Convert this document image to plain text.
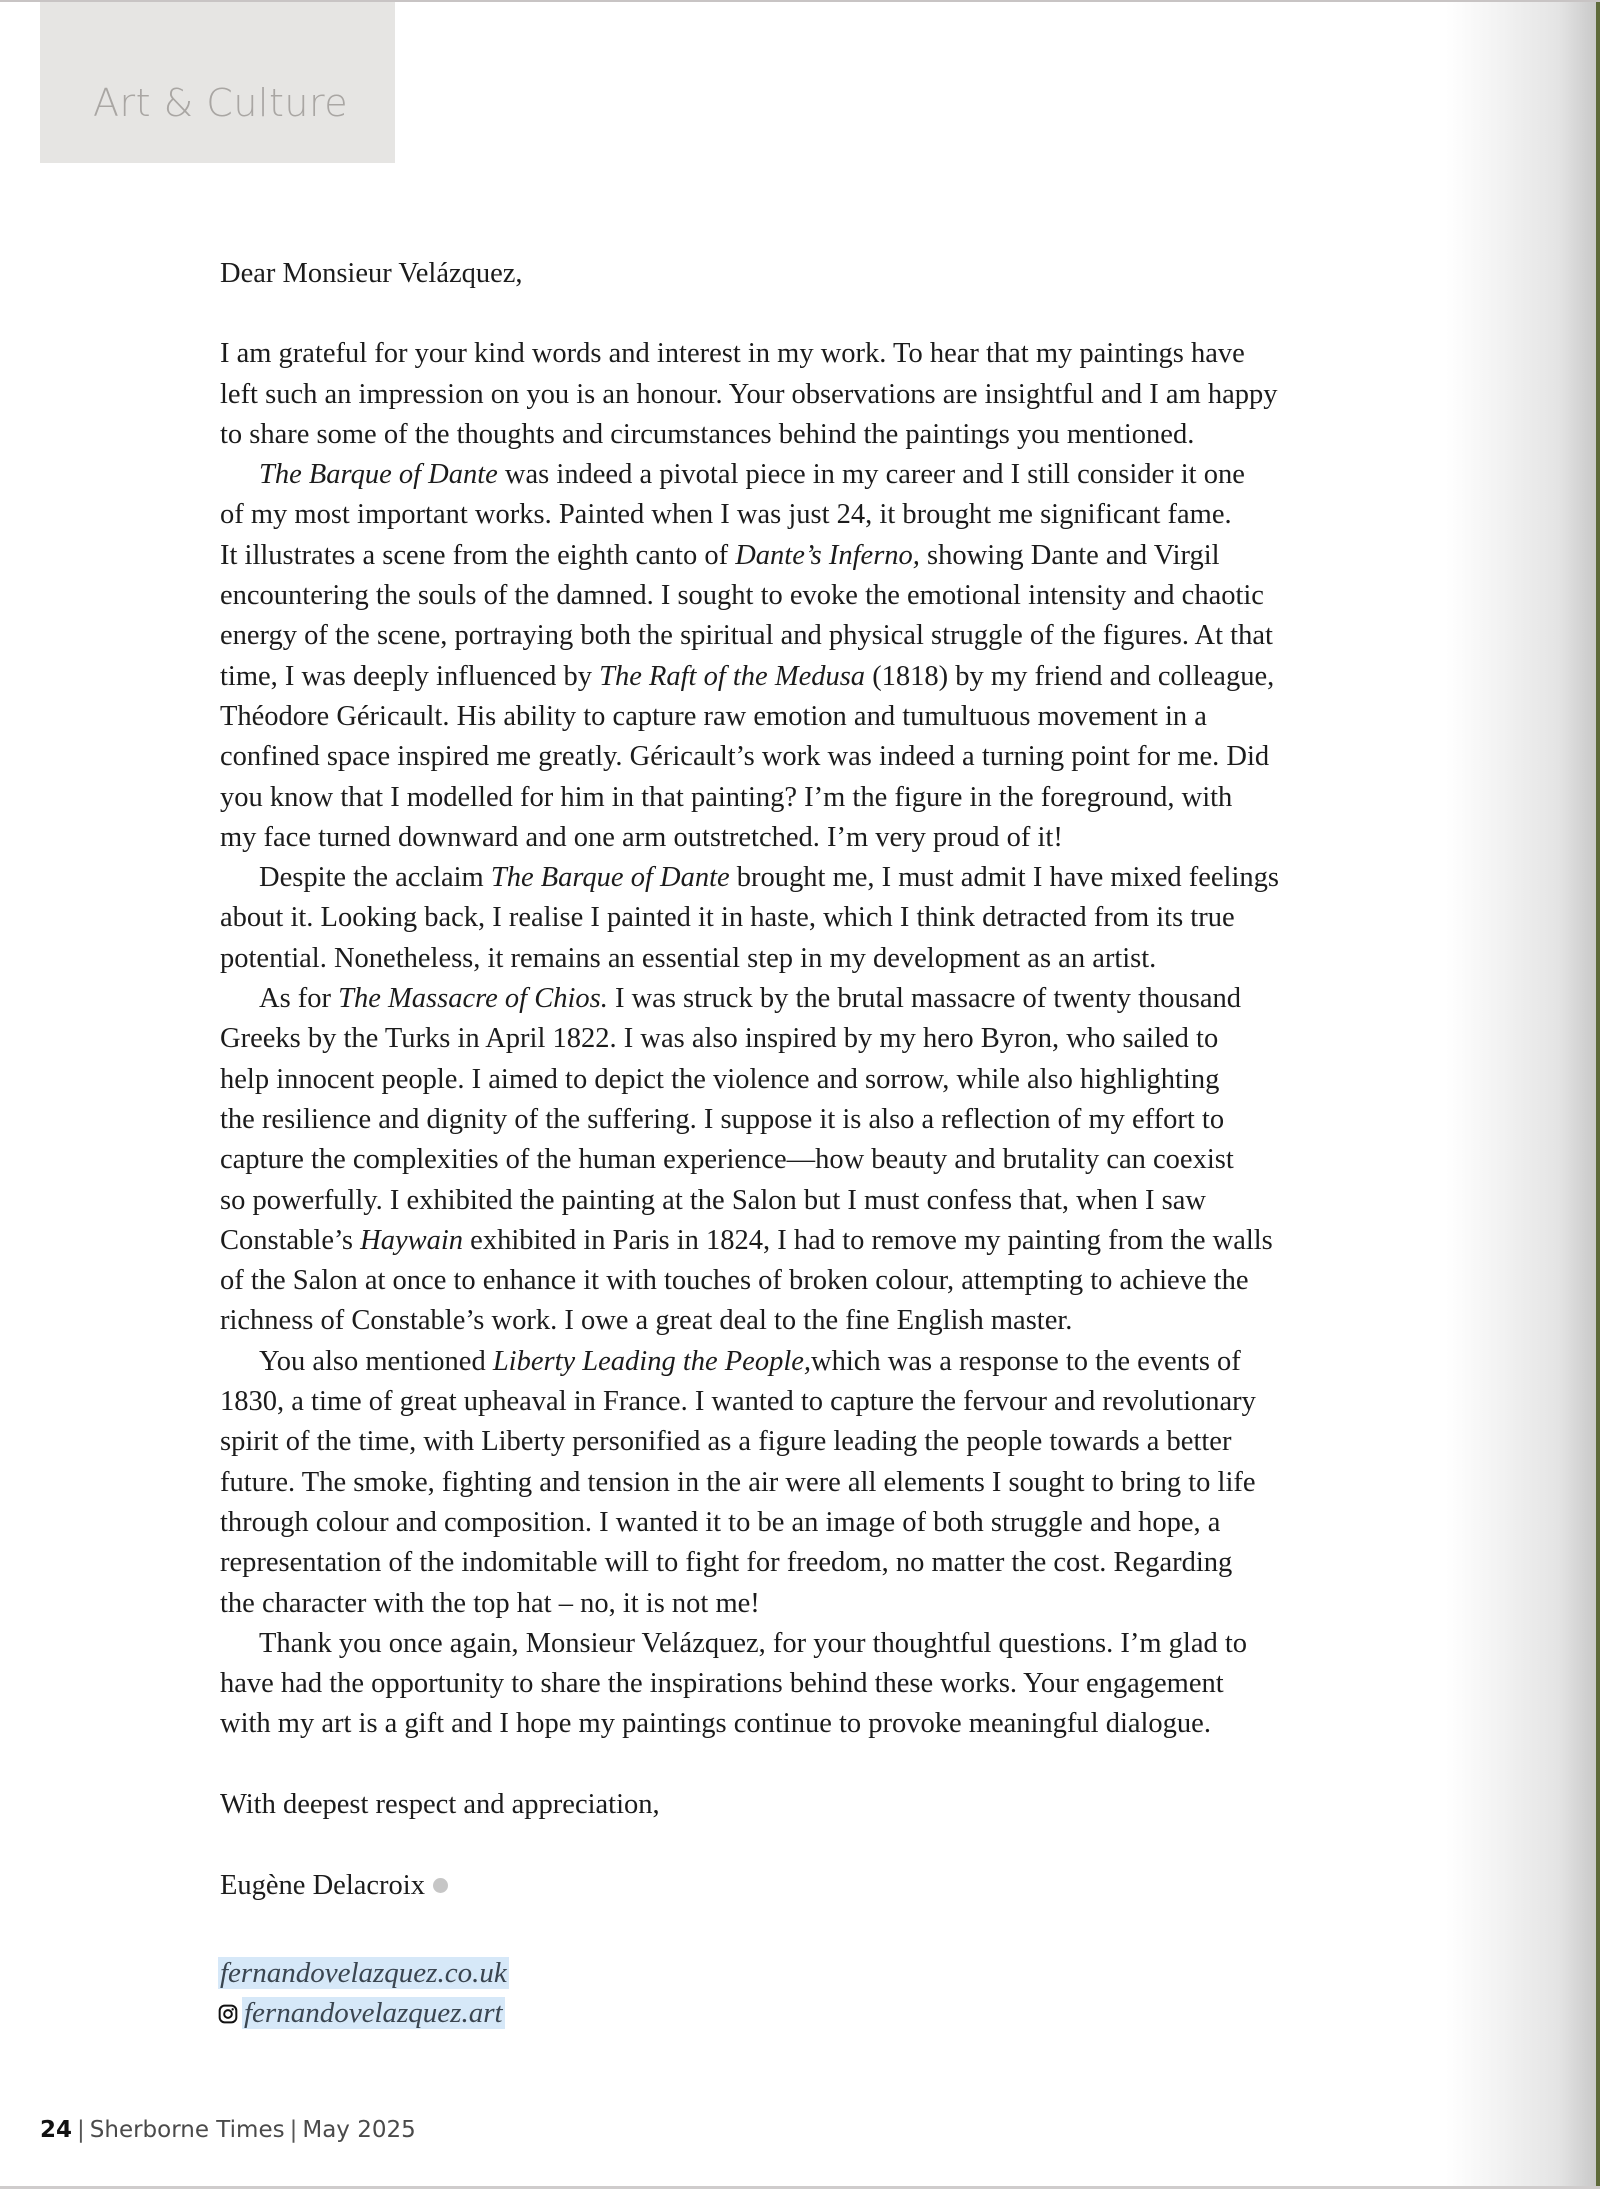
Art & Culture
Dear Monsieur Velázquez,
I am grateful for your kind words and interest in my work. To hear that my paintings have
left such an impression on you is an honour. Your observations are insightful and I am happy
to share some of the thoughts and circumstances behind the paintings you mentioned.
The Barque of Dante was indeed a pivotal piece in my career and I still consider it one
of my most important works. Painted when I was just 24, it brought me significant fame.
It illustrates a scene from the eighth canto of Dante’s Inferno, showing Dante and Virgil
encountering the souls of the damned. I sought to evoke the emotional intensity and chaotic
energy of the scene, portraying both the spiritual and physical struggle of the figures. At that
time, I was deeply influenced by The Raft of the Medusa (1818) by my friend and colleague,
Théodore Géricault. His ability to capture raw emotion and tumultuous movement in a
confined space inspired me greatly. Géricault’s work was indeed a turning point for me. Did
you know that I modelled for him in that painting? I’m the figure in the foreground, with
my face turned downward and one arm outstretched. I’m very proud of it!
Despite the acclaim The Barque of Dante brought me, I must admit I have mixed feelings
about it. Looking back, I realise I painted it in haste, which I think detracted from its true
potential. Nonetheless, it remains an essential step in my development as an artist.
As for The Massacre of Chios. I was struck by the brutal massacre of twenty thousand
Greeks by the Turks in April 1822. I was also inspired by my hero Byron, who sailed to
help innocent people. I aimed to depict the violence and sorrow, while also highlighting
the resilience and dignity of the suffering. I suppose it is also a reflection of my effort to
capture the complexities of the human experience—how beauty and brutality can coexist
so powerfully. I exhibited the painting at the Salon but I must confess that, when I saw
Constable’s Haywain exhibited in Paris in 1824, I had to remove my painting from the walls
of the Salon at once to enhance it with touches of broken colour, attempting to achieve the
richness of Constable’s work. I owe a great deal to the fine English master.
You also mentioned Liberty Leading the People,which was a response to the events of
1830, a time of great upheaval in France. I wanted to capture the fervour and revolutionary
spirit of the time, with Liberty personified as a figure leading the people towards a better
future. The smoke, fighting and tension in the air were all elements I sought to bring to life
through colour and composition. I wanted it to be an image of both struggle and hope, a
representation of the indomitable will to fight for freedom, no matter the cost. Regarding
the character with the top hat – no, it is not me!
Thank you once again, Monsieur Velázquez, for your thoughtful questions. I’m glad to
have had the opportunity to share the inspirations behind these works. Your engagement
with my art is a gift and I hope my paintings continue to provoke meaningful dialogue.
With deepest respect and appreciation,
Eugène Delacroix
fernandovelazquez.co.uk
fernandovelazquez.art
24 | Sherborne Times | May 2025
